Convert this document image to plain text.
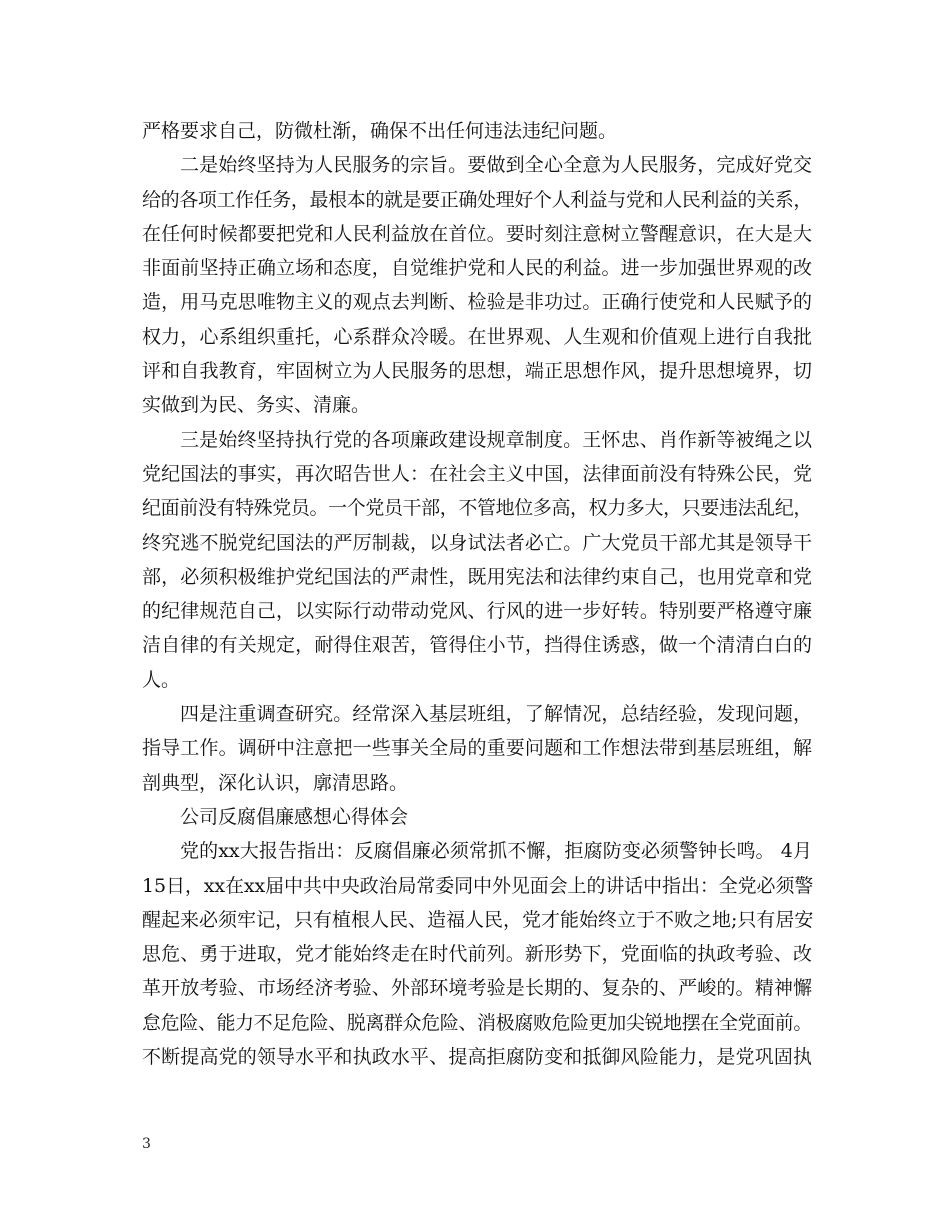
严格要求自己，防微杜渐，确保不出任何违法违纪问题。
二是始终坚持为人民服务的宗旨。要做到全心全意为人民服务，完成好党交
给的各项工作任务，最根本的就是要正确处理好个人利益与党和人民利益的关系，
在任何时候都要把党和人民利益放在首位。要时刻注意树立警醒意识，在大是大
非面前坚持正确立场和态度，自觉维护党和人民的利益。进一步加强世界观的改
造，用马克思唯物主义的观点去判断、检验是非功过。正确行使党和人民赋予的
权力，心系组织重托，心系群众冷暖。在世界观、人生观和价值观上进行自我批
评和自我教育，牢固树立为人民服务的思想，端正思想作风，提升思想境界，切
实做到为民、务实、清廉。
三是始终坚持执行党的各项廉政建设规章制度。王怀忠、肖作新等被绳之以
党纪国法的事实，再次昭告世人：在社会主义中国，法律面前没有特殊公民，党
纪面前没有特殊党员。一个党员干部，不管地位多高，权力多大，只要违法乱纪，
终究逃不脱党纪国法的严厉制裁，以身试法者必亡。广大党员干部尤其是领导干
部，必须积极维护党纪国法的严肃性，既用宪法和法律约束自己，也用党章和党
的纪律规范自己，以实际行动带动党风、行风的进一步好转。特别要严格遵守廉
洁自律的有关规定，耐得住艰苦，管得住小节，挡得住诱惑，做一个清清白白的
人。
四是注重调查研究。经常深入基层班组，了解情况，总结经验，发现问题，
指导工作。调研中注意把一些事关全局的重要问题和工作想法带到基层班组，解
剖典型，深化认识，廓清思路。
公司反腐倡廉感想心得体会
党的xx大报告指出：反腐倡廉必须常抓不懈，拒腐防变必须警钟长鸣。 4月
15日，xx在xx届中共中央政治局常委同中外见面会上的讲话中指出：全党必须警
醒起来必须牢记，只有植根人民、造福人民，党才能始终立于不败之地;只有居安
思危、勇于进取，党才能始终走在时代前列。新形势下，党面临的执政考验、改
革开放考验、市场经济考验、外部环境考验是长期的、复杂的、严峻的。精神懈
怠危险、能力不足危险、脱离群众危险、消极腐败危险更加尖锐地摆在全党面前。
不断提高党的领导水平和执政水平、提高拒腐防变和抵御风险能力，是党巩固执
3
